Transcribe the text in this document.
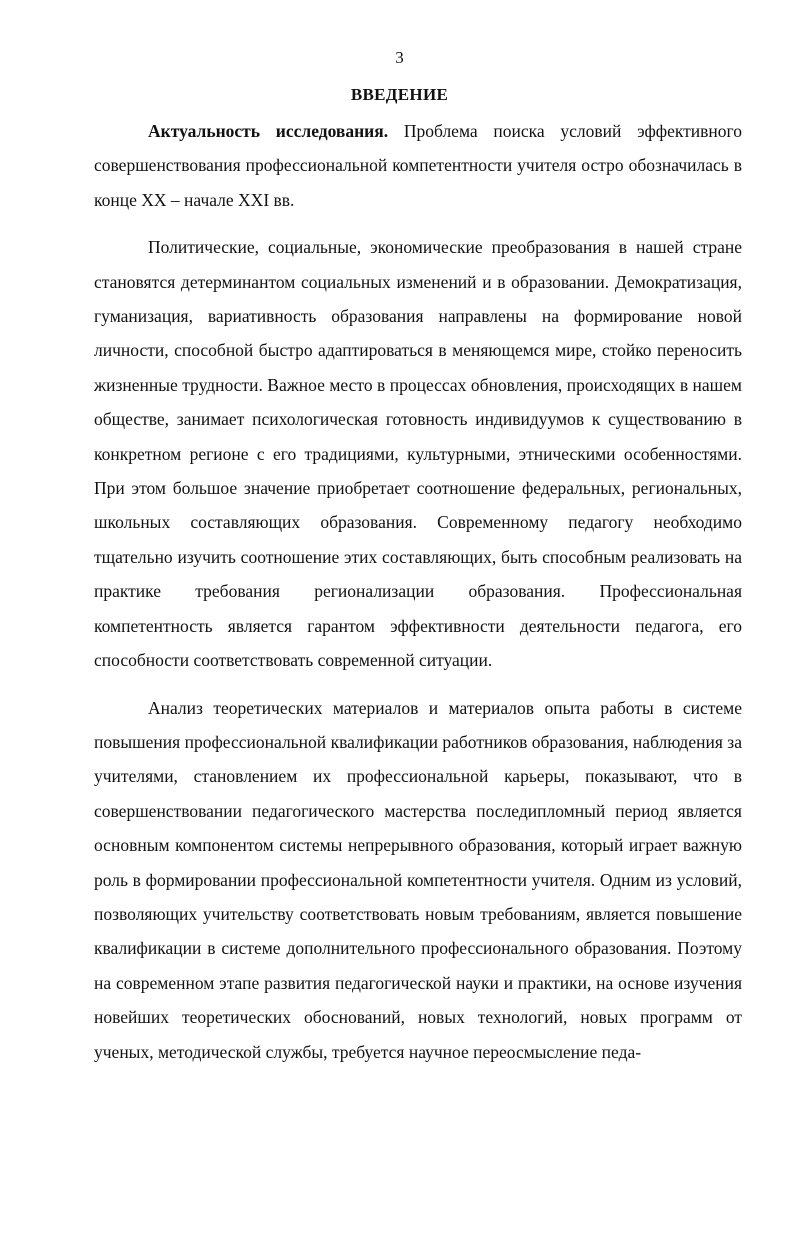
3
ВВЕДЕНИЕ

Актуальность исследования. Проблема поиска условий эффективного совершенствования профессиональной компетентности учителя остро обозначилась в конце XX – начале XXI вв.

Политические, социальные, экономические преобразования в нашей стране становятся детерминантом социальных изменений и в образовании. Демократизация, гуманизация, вариативность образования направлены на формирование новой личности, способной быстро адаптироваться в меняющемся мире, стойко переносить жизненные трудности. Важное место в процессах обновления, происходящих в нашем обществе, занимает психологическая готовность индивидуумов к существованию в конкретном регионе с его традициями, культурными, этническими особенностями. При этом большое значение приобретает соотношение федеральных, региональных, школьных составляющих образования. Современному педагогу необходимо тщательно изучить соотношение этих составляющих, быть способным реализовать на практике требования регионализации образования. Профессиональная компетентность является гарантом эффективности деятельности педагога, его способности соответствовать современной ситуации.

Анализ теоретических материалов и материалов опыта работы в системе повышения профессиональной квалификации работников образования, наблюдения за учителями, становлением их профессиональной карьеры, показывают, что в совершенствовании педагогического мастерства последипломный период является основным компонентом системы непрерывного образования, который играет важную роль в формировании профессиональной компетентности учителя. Одним из условий, позволяющих учительству соответствовать новым требованиям, является повышение квалификации в системе дополнительного профессионального образования. Поэтому на современном этапе развития педагогической науки и практики, на основе изучения новейших теоретических обоснований, новых технологий, новых программ от ученых, методической службы, требуется научное переосмысление педа-
